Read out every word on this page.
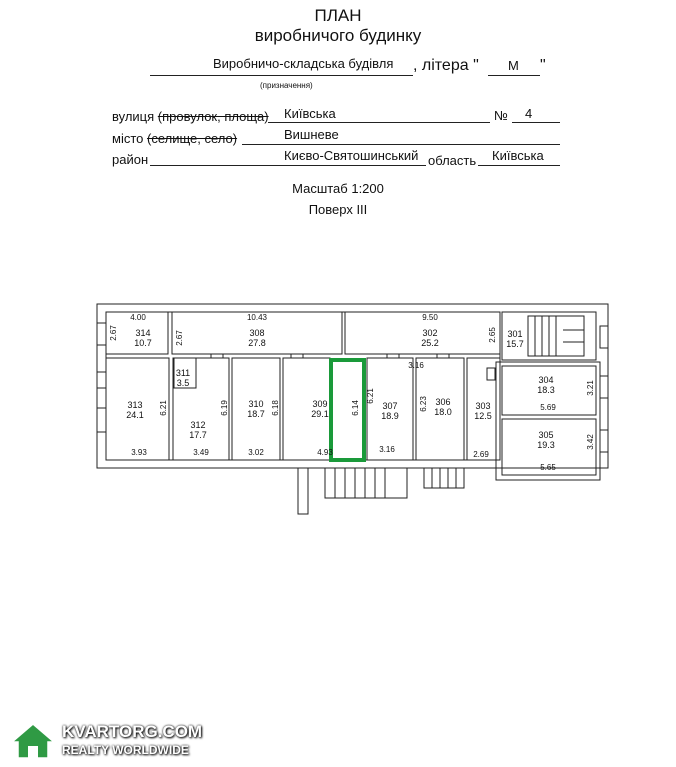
ПЛАН
виробничого будинку
Виробничо-складська будівля , літера " М "
(призначення)
вулиця (провулок, площа) Київська	№ 4
місто (селище, село)	Вишневе
район	Києво-Святошинський область Київська
Масштаб 1:200
Поверх III
314
10.7
308
27.8
302
25.2
301
15.7
311
3.5
313
24.1
312
17.7
310
18.7
309
29.1
307
18.9
306
18.0
303
12.5
304
18.3
305
19.3
4.00	10.43	9.50
3.16
3.16
3.93	3.49	3.02	4.93	2.69
5.69
5.65
2.67	2.67	2.65
6.21	6.19	6.18	6.14
6.21
6.23
3.21
3.42
KVARTORG.COM
REALTY WORLDWIDE
